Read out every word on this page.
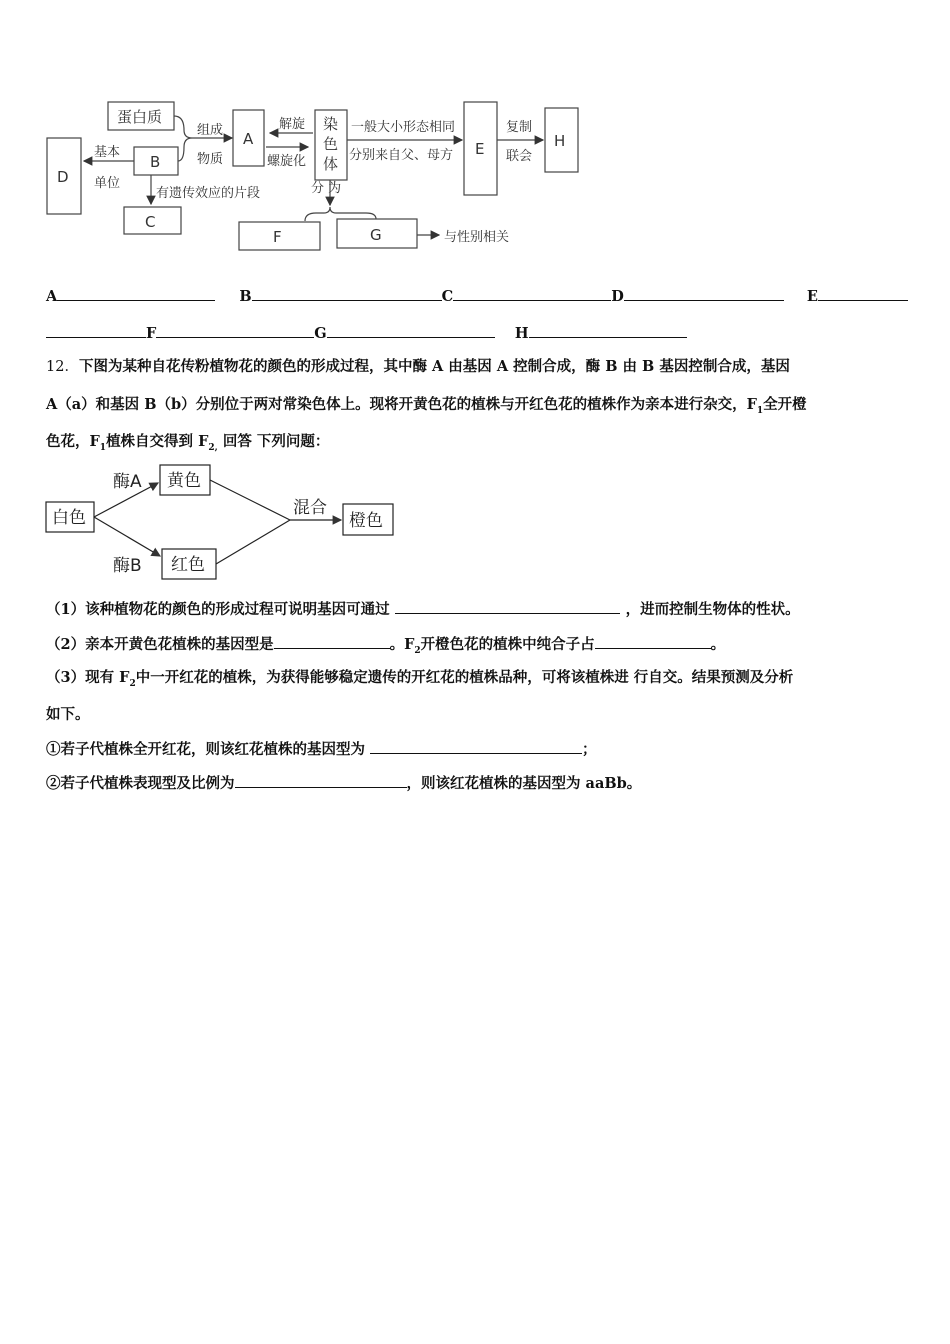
蛋白质
A
B
C
D
E	H
F	G
染
色
体
组成
物质
解旋
螺旋化
基本
单位
有遗传效应的片段
一般大小形态相同
分别来自父、母方
复制
联会
分 为
与性别相关
A	B	C	D	E
F	G	H
12．下图为某种自花传粉植物花的颜色的形成过程，其中酶 A 由基因 A 控制合成，酶 B 由 B 基因控制合成，基因
A（a）和基因 B（b）分别位于两对常染色体上。现将开黄色花的植株与开红色花的植株作为亲本进行杂交，$F_1$全开橙
色花，$F_1$植株自交得到 $F_{2,}$ 回答 下列问题：
白色
黄色
红色
橙色
酶A
酶B
混合
（1）该种植物花的颜色的形成过程可说明基因可通过	，进而控制生物体的性状。
（2）亲本开黄色花植株的基因型是	。$F_2$开橙色花的植株中纯合子占	。
（3）现有 $F_2$中一开红花的植株，为获得能够稳定遗传的开红花的植株品种，可将该植株进 行自交。结果预测及分析
如下。
①若子代植株全开红花，则该红花植株的基因型为	；
②若子代植株表现型及比例为	，则该红花植株的基因型为 aaBb。
